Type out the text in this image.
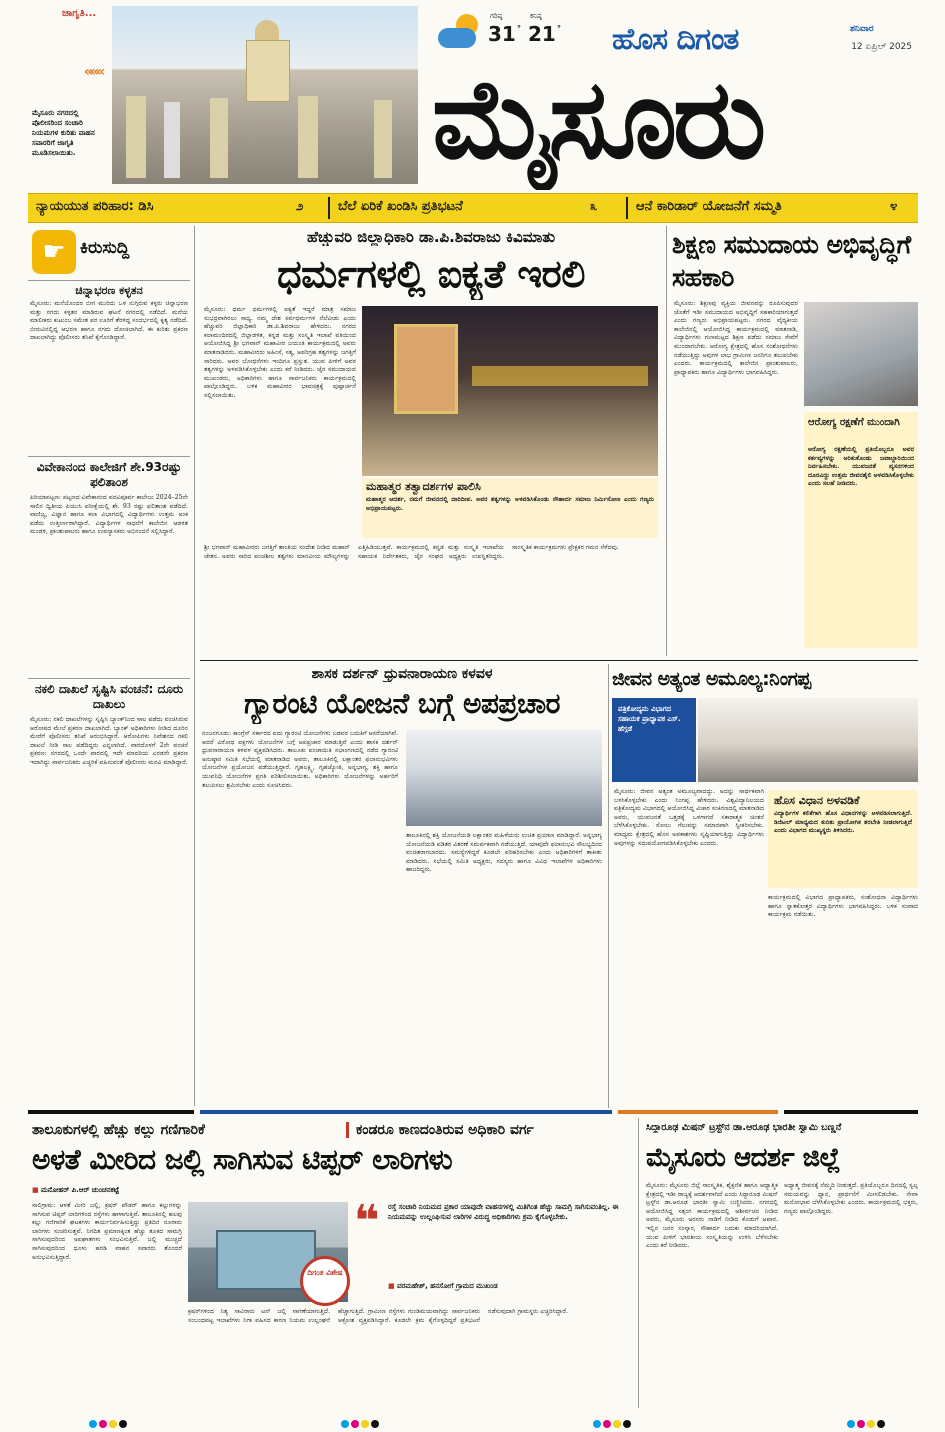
ಜಾಗೃತಿ...
«««
ಮೈಸೂರು ನಗರದಲ್ಲಿ ಪೊಲೀಸರಿಂದ ಸಂಚಾರಿ ನಿಯಮಗಳ ಕುರಿತು ವಾಹನ ಸವಾರರಿಗೆ ಜಾಗೃತಿ ಮೂಡಿಸಲಾಯಿತು.
ಗರಿಷ್ಠ
31 °
ಕನಿಷ್ಠ
21 ° ಹೊಸ ದಿಗಂತ	ಶನಿವಾರ
12 ಏಪ್ರಿಲ್ 2025
ಮೈಸೂರು
ನ್ಯಾಯಯುತ ಪರಿಹಾರ: ಡಿಸಿ	೨	ಬೆಲೆ ಏರಿಕೆ ಖಂಡಿಸಿ ಪ್ರತಿಭಟನೆ	೩	ಆನೆ ಕಾರಿಡಾರ್ ಯೋಜನೆಗೆ ಸಮ್ಮತಿ	೪
☛ ಕಿರುಸುದ್ದಿ
ಚಿನ್ನಾಭರಣ ಕಳ್ಳತನ
ಮೈಸೂರು: ಮನೆಯೊಂದರ ಬೀಗ ಮುರಿದು ಒಳ ನುಗ್ಗಿರುವ ಕಳ್ಳರು ಚಿನ್ನಾಭರಣ ಮತ್ತು ನಗದು ಕಳ್ಳತನ ಮಾಡಿರುವ ಘಟನೆ ನಗರದಲ್ಲಿ ನಡೆದಿದೆ. ಮನೆಯ ಮಾಲೀಕರು ಕುಟುಂಬ ಸಮೇತ ಪರ ಊರಿಗೆ ತೆರಳಿದ್ದ ಸಂದರ್ಭದಲ್ಲಿ ಕೃತ್ಯ ನಡೆದಿದೆ. ಬೀರುವಿನಲ್ಲಿದ್ದ ಆಭರಣ ಹಾಗೂ ನಗದು ದೋಚಲಾಗಿದೆ. ಈ ಕುರಿತು ಪ್ರಕರಣ ದಾಖಲಾಗಿದ್ದು ಪೊಲೀಸರು ತನಿಖೆ ಕೈಗೊಂಡಿದ್ದಾರೆ.
ವಿವೇಕಾನಂದ ಕಾಲೇಜಿಗೆ ಶೇ.93ರಷ್ಟು ಫಲಿತಾಂಶ
ಪಿರಿಯಾಪಟ್ಟಣ: ಪಟ್ಟಣದ ವಿವೇಕಾನಂದ ಪದವಿಪೂರ್ವ ಕಾಲೇಜು 2024–25ನೇ ಸಾಲಿನ ದ್ವಿತೀಯ ಪಿಯುಸಿ ಪರೀಕ್ಷೆಯಲ್ಲಿ ಶೇ. 93 ರಷ್ಟು ಫಲಿತಾಂಶ ಪಡೆದಿದೆ. ವಾಣಿಜ್ಯ, ವಿಜ್ಞಾನ ಹಾಗೂ ಕಲಾ ವಿಭಾಗದಲ್ಲಿ ವಿದ್ಯಾರ್ಥಿಗಳು ಉತ್ತಮ ಅಂಕ ಪಡೆದು ಉತ್ತೀರ್ಣರಾಗಿದ್ದಾರೆ. ವಿದ್ಯಾರ್ಥಿಗಳ ಸಾಧನೆಗೆ ಕಾಲೇಜಿನ ಆಡಳಿತ ಮಂಡಳಿ, ಪ್ರಾಂಶುಪಾಲರು ಹಾಗೂ ಉಪನ್ಯಾಸಕರು ಅಭಿನಂದನೆ ಸಲ್ಲಿಸಿದ್ದಾರೆ.
ನಕಲಿ ದಾಖಲೆ ಸೃಷ್ಟಿಸಿ ವಂಚನೆ: ದೂರು ದಾಖಲು
ಮೈಸೂರು: ನಕಲಿ ದಾಖಲೆಗಳನ್ನು ಸೃಷ್ಟಿಸಿ ಬ್ಯಾಂಕ್‌ನಿಂದ ಸಾಲ ಪಡೆದು ವಂಚಿಸಿರುವ ಆರೋಪದ ಮೇಲೆ ಪ್ರಕರಣ ದಾಖಲಾಗಿದೆ. ಬ್ಯಾಂಕ್ ಅಧಿಕಾರಿಗಳು ನೀಡಿದ ದೂರಿನ ಮೇರೆಗೆ ಪೊಲೀಸರು ತನಿಖೆ ಆರಂಭಿಸಿದ್ದಾರೆ. ಆರೋಪಿಗಳು ನಿವೇಶನದ ನಕಲಿ ದಾಖಲೆ ನೀಡಿ ಸಾಲ ಪಡೆದಿದ್ದರು ಎನ್ನಲಾಗಿದೆ. ವಾರದೊಳಗೆ 2ನೇ ವಂಚನೆ ಪ್ರಕರಣ: ನಗರದಲ್ಲಿ ಒಂದೇ ವಾರದಲ್ಲಿ ಇದೇ ಮಾದರಿಯ ಎರಡನೇ ಪ್ರಕರಣ ಇದಾಗಿದ್ದು ಸಾರ್ವಜನಿಕರು ಎಚ್ಚರಿಕೆ ವಹಿಸುವಂತೆ ಪೊಲೀಸರು ಮನವಿ ಮಾಡಿದ್ದಾರೆ.
ಹೆಚ್ಚುವರಿ ಜಿಲ್ಲಾಧಿಕಾರಿ ಡಾ.ಪಿ.ಶಿವರಾಜು ಕಿವಿಮಾತು
ಧರ್ಮಗಳಲ್ಲಿ ಐಕ್ಯತೆ ಇರಲಿ
ಮೈಸೂರು: ಧರ್ಮ ಧರ್ಮಗಳಲ್ಲಿ ಐಕ್ಯತೆ ಇದ್ದರೆ ಮಾತ್ರ ಸಮಾಜ ಸುಭದ್ರವಾಗಿರಲು ಸಾಧ್ಯ. ನಮ್ಮ ದೇಶ ಸರ್ವಧರ್ಮಗಳ ನೆಲೆವೀಡು ಎಂದು ಹೆಚ್ಚುವರಿ ಜಿಲ್ಲಾಧಿಕಾರಿ ಡಾ.ಪಿ.ಶಿವರಾಜು ಹೇಳಿದರು. ನಗರದ ಕಲಾಮಂದಿರದಲ್ಲಿ ಜಿಲ್ಲಾಡಳಿತ, ಕನ್ನಡ ಮತ್ತು ಸಂಸ್ಕೃತಿ ಇಲಾಖೆ ವತಿಯಿಂದ ಆಯೋಜಿಸಿದ್ದ ಶ್ರೀ ಭಗವಾನ್ ಮಹಾವೀರ ಜಯಂತಿ ಕಾರ್ಯಕ್ರಮದಲ್ಲಿ ಅವರು ಮಾತನಾಡಿದರು. ಮಹಾವೀರರು ಅಹಿಂಸೆ, ಸತ್ಯ, ಅಪರಿಗ್ರಹ ತತ್ವಗಳನ್ನು ಜಗತ್ತಿಗೆ ಸಾರಿದರು. ಅವರ ಬೋಧನೆಗಳು ಇಂದಿಗೂ ಪ್ರಸ್ತುತ. ಯುವ ಪೀಳಿಗೆ ಅವರ ತತ್ವಗಳನ್ನು ಅಳವಡಿಸಿಕೊಳ್ಳಬೇಕು ಎಂದು ಕರೆ ನೀಡಿದರು. ಜೈನ ಸಮುದಾಯದ ಮುಖಂಡರು, ಅಧಿಕಾರಿಗಳು ಹಾಗೂ ಸಾರ್ವಜನಿಕರು ಕಾರ್ಯಕ್ರಮದಲ್ಲಿ ಪಾಲ್ಗೊಂಡಿದ್ದರು. ಬಳಿಕ ಮಹಾವೀರರ ಭಾವಚಿತ್ರಕ್ಕೆ ಪುಷ್ಪಾರ್ಚನೆ ಸಲ್ಲಿಸಲಾಯಿತು.
ಮಹಾತ್ಮರ ತತ್ವಾದರ್ಶಗಳ ಪಾಲಿಸಿ
ಮಹಾತ್ಮರ ಆದರ್ಶ, ನಮಗೆ ಜೀವನದಲ್ಲಿ ದಾರಿದೀಪ. ಅವರ ತತ್ವಗಳನ್ನು ಅಳವಡಿಸಿಕೊಂಡು ಸೌಹಾರ್ದ ಸಮಾಜ ನಿರ್ಮಿಸೋಣ ಎಂದು ಗಣ್ಯರು ಅಭಿಪ್ರಾಯಪಟ್ಟರು.
ಶ್ರೀ ಭಗವಾನ್ ಮಹಾವೀರರು ಜಗತ್ತಿಗೆ ಶಾಂತಿಯ ಸಂದೇಶ ನೀಡಿದ ಮಹಾನ್ ಚೇತನ. ಅವರು ಸಾರಿದ ಪಂಚಶೀಲ ತತ್ವಗಳು ಮಾನವೀಯ ಮೌಲ್ಯಗಳನ್ನು ಎತ್ತಿಹಿಡಿಯುತ್ತವೆ. ಕಾರ್ಯಕ್ರಮದಲ್ಲಿ ಕನ್ನಡ ಮತ್ತು ಸಂಸ್ಕೃತಿ ಇಲಾಖೆಯ ಸಹಾಯಕ ನಿರ್ದೇಶಕರು, ಜೈನ ಸಂಘದ ಅಧ್ಯಕ್ಷರು ಉಪಸ್ಥಿತರಿದ್ದರು. ಸಾಂಸ್ಕೃತಿಕ ಕಾರ್ಯಕ್ರಮಗಳು ಪ್ರೇಕ್ಷಕರ ಗಮನ ಸೆಳೆದವು.
ಶಿಕ್ಷಣ ಸಮುದಾಯ ಅಭಿವೃದ್ಧಿಗೆ ಸಹಕಾರಿ
ಮೈಸೂರು: ಶಿಕ್ಷಣವು ವ್ಯಕ್ತಿಯ ಜೀವನವನ್ನು ರೂಪಿಸುವುದರ ಜೊತೆಗೆ ಇಡೀ ಸಮುದಾಯದ ಅಭಿವೃದ್ಧಿಗೆ ಸಹಕಾರಿಯಾಗುತ್ತದೆ ಎಂದು ಗಣ್ಯರು ಅಭಿಪ್ರಾಯಪಟ್ಟರು. ನಗರದ ವೈದ್ಯಕೀಯ ಕಾಲೇಜಿನಲ್ಲಿ ಆಯೋಜಿಸಿದ್ದ ಕಾರ್ಯಕ್ರಮದಲ್ಲಿ ಮಾತನಾಡಿ, ವಿದ್ಯಾರ್ಥಿಗಳು ಗುಣಮಟ್ಟದ ಶಿಕ್ಷಣ ಪಡೆದು ಸಮಾಜ ಸೇವೆಗೆ ಮುಂದಾಗಬೇಕು. ಆರೋಗ್ಯ ಕ್ಷೇತ್ರದಲ್ಲಿ ಹೊಸ ಸಂಶೋಧನೆಗಳು ನಡೆಯುತ್ತಿದ್ದು ಅವುಗಳ ಲಾಭ ಗ್ರಾಮೀಣ ಜನರಿಗೂ ತಲುಪಬೇಕು ಎಂದರು. ಕಾರ್ಯಕ್ರಮದಲ್ಲಿ ಕಾಲೇಜಿನ ಪ್ರಾಂಶುಪಾಲರು, ಪ್ರಾಧ್ಯಾಪಕರು ಹಾಗೂ ವಿದ್ಯಾರ್ಥಿಗಳು ಭಾಗವಹಿಸಿದ್ದರು.
ಆರೋಗ್ಯ ರಕ್ಷಣೆಗೆ ಮುಂದಾಗಿ
ಆರೋಗ್ಯ ರಕ್ಷಣೆಯಲ್ಲಿ ಪ್ರತಿಯೊಬ್ಬರೂ ಅವರ ಕರ್ತವ್ಯಗಳನ್ನು ಅರಿತುಕೊಂಡು ಜವಾಬ್ದಾರಿಯಿಂದ ನಿರ್ವಹಿಸಬೇಕು. ಯುವಜನತೆ ವ್ಯಸನಗಳಿಂದ ದೂರವಿದ್ದು ಉತ್ತಮ ಜೀವನಶೈಲಿ ಅಳವಡಿಸಿಕೊಳ್ಳಬೇಕು ಎಂದು ಸಲಹೆ ನೀಡಿದರು.
ಶಾಸಕ ದರ್ಶನ್ ಧ್ರುವನಾರಾಯಣ ಕಳವಳ
ಗ್ಯಾರಂಟಿ ಯೋಜನೆ ಬಗ್ಗೆ ಅಪಪ್ರಚಾರ
ನಂಜನಗೂಡು: ಕಾಂಗ್ರೆಸ್ ಸರ್ಕಾರದ ಐದು ಗ್ಯಾರಂಟಿ ಯೋಜನೆಗಳು ಬಡವರ ಬದುಕಿಗೆ ಆಸರೆಯಾಗಿವೆ. ಆದರೆ ವಿರೋಧ ಪಕ್ಷಗಳು ಯೋಜನೆಗಳ ಬಗ್ಗೆ ಅಪಪ್ರಚಾರ ಮಾಡುತ್ತಿವೆ ಎಂದು ಶಾಸಕ ದರ್ಶನ್ ಧ್ರುವನಾರಾಯಣ ಕಳವಳ ವ್ಯಕ್ತಪಡಿಸಿದರು. ತಾಲೂಕು ಪಂಚಾಯಿತಿ ಸಭಾಂಗಣದಲ್ಲಿ ನಡೆದ ಗ್ಯಾರಂಟಿ ಅನುಷ್ಠಾನ ಸಮಿತಿ ಸಭೆಯಲ್ಲಿ ಮಾತನಾಡಿದ ಅವರು, ತಾಲೂಕಿನಲ್ಲಿ ಲಕ್ಷಾಂತರ ಫಲಾನುಭವಿಗಳು ಯೋಜನೆಗಳ ಪ್ರಯೋಜನ ಪಡೆಯುತ್ತಿದ್ದಾರೆ. ಗೃಹಲಕ್ಷ್ಮಿ, ಗೃಹಜ್ಯೋತಿ, ಅನ್ನಭಾಗ್ಯ, ಶಕ್ತಿ ಹಾಗೂ ಯುವನಿಧಿ ಯೋಜನೆಗಳ ಪ್ರಗತಿ ಪರಿಶೀಲಿಸಲಾಯಿತು. ಅಧಿಕಾರಿಗಳು ಯೋಜನೆಗಳನ್ನು ಅರ್ಹರಿಗೆ ತಲುಪಿಸಲು ಶ್ರಮಿಸಬೇಕು ಎಂದು ಸೂಚಿಸಿದರು.
ತಾಲೂಕಿನಲ್ಲಿ ಶಕ್ತಿ ಯೋಜನೆಯಡಿ ಲಕ್ಷಾಂತರ ಮಹಿಳೆಯರು ಉಚಿತ ಪ್ರಯಾಣ ಮಾಡಿದ್ದಾರೆ. ಅನ್ನಭಾಗ್ಯ ಯೋಜನೆಯಡಿ ಪಡಿತರ ವಿತರಣೆ ಸಮರ್ಪಕವಾಗಿ ನಡೆಯುತ್ತಿದೆ. ಯಾವುದೇ ಫಲಾನುಭವಿ ಸೌಲಭ್ಯದಿಂದ ವಂಚಿತರಾಗಬಾರದು. ಸಮಸ್ಯೆಗಳಿದ್ದರೆ ಕೂಡಲೇ ಪರಿಹರಿಸಬೇಕು ಎಂದು ಅಧಿಕಾರಿಗಳಿಗೆ ತಾಕೀತು ಮಾಡಿದರು. ಸಭೆಯಲ್ಲಿ ಸಮಿತಿ ಅಧ್ಯಕ್ಷರು, ಸದಸ್ಯರು ಹಾಗೂ ವಿವಿಧ ಇಲಾಖೆಗಳ ಅಧಿಕಾರಿಗಳು ಹಾಜರಿದ್ದರು.
ಜೀವನ ಅತ್ಯಂತ ಅಮೂಲ್ಯ:ನಿಂಗಪ್ಪ
ಪತ್ರಿಕೋದ್ಯಮ ವಿಭಾಗದ ಸಹಾಯಕ ಪ್ರಾಧ್ಯಾಪಕ ಎಸ್. ಹೆಗ್ಗಡೆ
ಮೈಸೂರು: ಜೀವನ ಅತ್ಯಂತ ಅಮೂಲ್ಯವಾದದ್ದು. ಅದನ್ನು ಸಾರ್ಥಕವಾಗಿ ಬಳಸಿಕೊಳ್ಳಬೇಕು ಎಂದು ನಿಂಗಪ್ಪ ಹೇಳಿದರು. ವಿಶ್ವವಿದ್ಯಾನಿಲಯದ ಪತ್ರಿಕೋದ್ಯಮ ವಿಭಾಗದಲ್ಲಿ ಆಯೋಜಿಸಿದ್ದ ವಿಚಾರ ಸಂಕಿರಣದಲ್ಲಿ ಮಾತನಾಡಿದ ಅವರು, ಯುವಜನತೆ ಒತ್ತಡಕ್ಕೆ ಒಳಗಾಗದೆ ಸಕಾರಾತ್ಮಕ ಚಿಂತನೆ ಬೆಳೆಸಿಕೊಳ್ಳಬೇಕು. ಸೋಲು ಗೆಲುವನ್ನು ಸಮಾನವಾಗಿ ಸ್ವೀಕರಿಸಬೇಕು. ಮಾಧ್ಯಮ ಕ್ಷೇತ್ರದಲ್ಲಿ ಹೊಸ ಅವಕಾಶಗಳು ಸೃಷ್ಟಿಯಾಗುತ್ತಿದ್ದು ವಿದ್ಯಾರ್ಥಿಗಳು ಅವುಗಳನ್ನು ಸದುಪಯೋಗಪಡಿಸಿಕೊಳ್ಳಬೇಕು ಎಂದರು.
ಹೊಸ ವಿಧಾನ ಅಳವಡಿಕೆ
ವಿದ್ಯಾರ್ಥಿಗಳ ಕಲಿಕೆಗಾಗಿ ಹೊಸ ವಿಧಾನಗಳನ್ನು ಅಳವಡಿಸಲಾಗುತ್ತಿದೆ. ಡಿಜಿಟಲ್ ಮಾಧ್ಯಮದ ಕುರಿತು ಪ್ರಾಯೋಗಿಕ ತರಬೇತಿ ನೀಡಲಾಗುತ್ತಿದೆ ಎಂದು ವಿಭಾಗದ ಮುಖ್ಯಸ್ಥರು ತಿಳಿಸಿದರು.
ಕಾರ್ಯಕ್ರಮದಲ್ಲಿ ವಿಭಾಗದ ಪ್ರಾಧ್ಯಾಪಕರು, ಸಂಶೋಧನಾ ವಿದ್ಯಾರ್ಥಿಗಳು ಹಾಗೂ ಸ್ನಾತಕೋತ್ತರ ವಿದ್ಯಾರ್ಥಿಗಳು ಭಾಗವಹಿಸಿದ್ದರು. ಬಳಿಕ ಸಂವಾದ ಕಾರ್ಯಕ್ರಮ ನಡೆಯಿತು.
ತಾಲೂಕುಗಳಲ್ಲಿ ಹೆಚ್ಚು ಕಲ್ಲು ಗಣಿಗಾರಿಕೆ	ಕಂಡರೂ ಕಾಣದಂತಿರುವ ಅಧಿಕಾರಿ ವರ್ಗ
ಅಳತೆ ಮೀರಿದ ಜಲ್ಲಿ ಸಾಗಿಸುವ ಟಿಪ್ಪರ್ ಲಾರಿಗಳು
■ ಮನೋಹರ್ ಪಿ.ಆರ್ ಚುಂಚನಕಟ್ಟೆ
ಸಾಲಿಗ್ರಾಮ: ಆಳತೆ ಮೀರಿ ಜಲ್ಲಿ, ಕ್ರಷರ್ ಪೌಡರ್ ಹಾಗೂ ಕಲ್ಲುಗಳನ್ನು ಸಾಗಿಸುವ ಟಿಪ್ಪರ್ ಲಾರಿಗಳಿಂದ ರಸ್ತೆಗಳು ಹಾಳಾಗುತ್ತಿವೆ. ತಾಲೂಕಿನಲ್ಲಿ ಹಲವು ಕಲ್ಲು ಗಣಿಗಾರಿಕೆ ಘಟಕಗಳು ಕಾರ್ಯನಿರ್ವಹಿಸುತ್ತಿದ್ದು ಪ್ರತಿದಿನ ನೂರಾರು ಲಾರಿಗಳು ಸಂಚರಿಸುತ್ತವೆ. ನಿಗದಿತ ಪ್ರಮಾಣಕ್ಕಿಂತ ಹೆಚ್ಚು ತೂಕದ ಸಾಮಗ್ರಿ ಸಾಗಿಸುವುದರಿಂದ ಅಪಘಾತಗಳು ಸಂಭವಿಸುತ್ತಿವೆ. ಜಲ್ಲಿ ಮುಚ್ಚದೆ ಸಾಗಿಸುವುದರಿಂದ ಧೂಳು ಹರಡಿ ವಾಹನ ಸವಾರರು ತೊಂದರೆ ಅನುಭವಿಸುತ್ತಿದ್ದಾರೆ.
ದಿಗಂತ ವಿಶೇಷ
ಕ್ರಷರ್‌ಗಳಿಂದ ನಿತ್ಯ ಸಾವಿರಾರು ಟನ್ ಜಲ್ಲಿ ಸಾಗಣೆಯಾಗುತ್ತಿದೆ. ಸಂಬಂಧಪಟ್ಟ ಇಲಾಖೆಗಳು ನಿಗಾ ವಹಿಸದ ಕಾರಣ ನಿಯಮ ಉಲ್ಲಂಘನೆ ಹೆಚ್ಚಾಗುತ್ತಿದೆ. ಗ್ರಾಮೀಣ ರಸ್ತೆಗಳು ಗುಂಡಿಮಯವಾಗಿದ್ದು ಸಾರ್ವಜನಿಕರು ಆಕ್ರೋಶ ವ್ಯಕ್ತಪಡಿಸಿದ್ದಾರೆ. ಕೂಡಲೇ ಕ್ರಮ ಕೈಗೊಳ್ಳದಿದ್ದರೆ ಪ್ರತಿಭಟನೆ ನಡೆಸುವುದಾಗಿ ಗ್ರಾಮಸ್ಥರು ಎಚ್ಚರಿಸಿದ್ದಾರೆ.
❝ ರಸ್ತೆ ಸಂಚಾರಿ ನಿಯಮದ ಪ್ರಕಾರ ಯಾವುದೇ ವಾಹನಗಳಲ್ಲಿ ಮಿತಿಗಿಂತ ಹೆಚ್ಚು ಸಾಮಗ್ರಿ ಸಾಗಿಸುವಂತಿಲ್ಲ. ಈ ನಿಯಮವನ್ನು ಉಲ್ಲಂಘಿಸುವ ಲಾರಿಗಳ ವಿರುದ್ಧ ಅಧಿಕಾರಿಗಳು ಕ್ರಮ ಕೈಗೊಳ್ಳಬೇಕು.
■ ವರಮಹೇಶ್, ಹನಸೋಗೆ ಗ್ರಾಮದ ಮುಖಂಡ
ಸಿದ್ಧಾರೂಢ ಮಿಷನ್ ಟ್ರಸ್ಟ್‌ನ ಡಾ.ಆರೂಢ ಭಾರತೀ ಸ್ವಾಮಿ ಬಣ್ಣನೆ
ಮೈಸೂರು ಆದರ್ಶ ಜಿಲ್ಲೆ
ಮೈಸೂರು: ಮೈಸೂರು ಜಿಲ್ಲೆ ಸಾಂಸ್ಕೃತಿಕ, ಶೈಕ್ಷಣಿಕ ಹಾಗೂ ಆಧ್ಯಾತ್ಮಿಕ ಕ್ಷೇತ್ರದಲ್ಲಿ ಇಡೀ ರಾಜ್ಯಕ್ಕೆ ಆದರ್ಶವಾಗಿದೆ ಎಂದು ಸಿದ್ಧಾರೂಢ ಮಿಷನ್ ಟ್ರಸ್ಟ್‌ನ ಡಾ.ಆರೂಢ ಭಾರತೀ ಸ್ವಾಮಿ ಬಣ್ಣಿಸಿದರು. ನಗರದಲ್ಲಿ ಆಯೋಜಿಸಿದ್ದ ಸತ್ಸಂಗ ಕಾರ್ಯಕ್ರಮದಲ್ಲಿ ಆಶೀರ್ವಚನ ನೀಡಿದ ಅವರು, ಮೈಸೂರು ಅರಸರು ನಾಡಿಗೆ ನೀಡಿದ ಕೊಡುಗೆ ಅಪಾರ. ಇಲ್ಲಿನ ಜನರ ಸಂಸ್ಕಾರ, ಸೌಹಾರ್ದ ಬದುಕು ಮಾದರಿಯಾಗಿದೆ. ಯುವ ಪೀಳಿಗೆ ಭಾರತೀಯ ಸಂಸ್ಕೃತಿಯನ್ನು ಉಳಿಸಿ ಬೆಳೆಸಬೇಕು ಎಂದು ಕರೆ ನೀಡಿದರು.
ಅಧ್ಯಾತ್ಮ ಜೀವನಕ್ಕೆ ನೆಮ್ಮದಿ ನೀಡುತ್ತದೆ. ಪ್ರತಿಯೊಬ್ಬರೂ ದಿನದಲ್ಲಿ ಸ್ವಲ್ಪ ಸಮಯವನ್ನು ಧ್ಯಾನ, ಪ್ರಾರ್ಥನೆಗೆ ಮೀಸಲಿಡಬೇಕು. ಸೇವಾ ಮನೋಭಾವ ಬೆಳೆಸಿಕೊಳ್ಳಬೇಕು ಎಂದರು. ಕಾರ್ಯಕ್ರಮದಲ್ಲಿ ಭಕ್ತರು, ಗಣ್ಯರು ಪಾಲ್ಗೊಂಡಿದ್ದರು.
